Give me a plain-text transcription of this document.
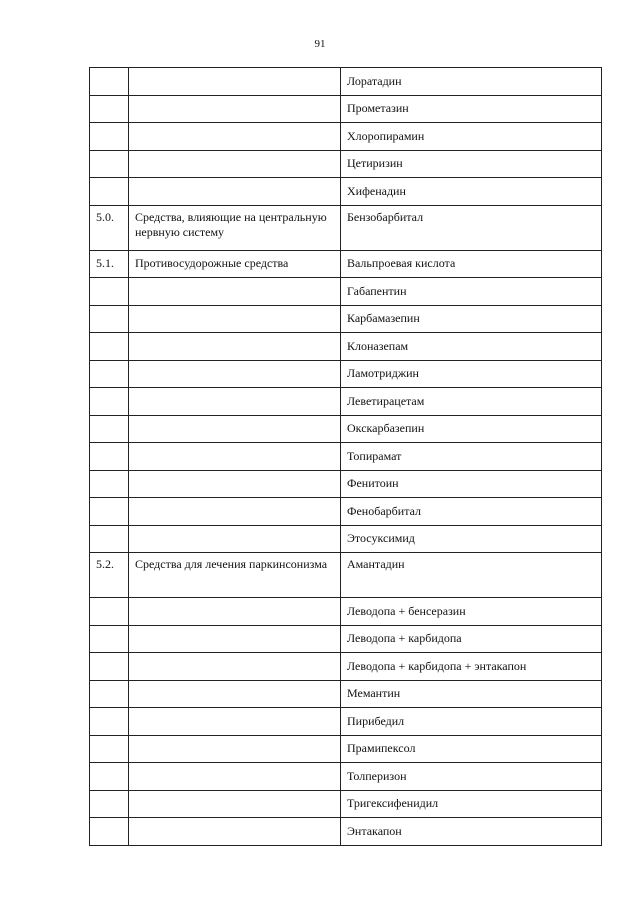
91
		Лоратадин
		Прометазин
		Хлоропирамин
		Цетиризин
		Хифенадин
5.0.	Средства, влияющие на центральную нервную систему	Бензобарбитал
5.1.	Противосудорожные средства	Вальпроевая кислота
		Габапентин
		Карбамазепин
		Клоназепам
		Ламотриджин
		Леветирацетам
		Окскарбазепин
		Топирамат
		Фенитоин
		Фенобарбитал
		Этосуксимид
5.2.	Средства для лечения паркинсонизма	Амантадин
		Леводопа + бенсеразин
		Леводопа + карбидопа
		Леводопа + карбидопа + энтакапон
		Мемантин
		Пирибедил
		Прамипексол
		Толперизон
		Тригексифенидил
		Энтакапон
